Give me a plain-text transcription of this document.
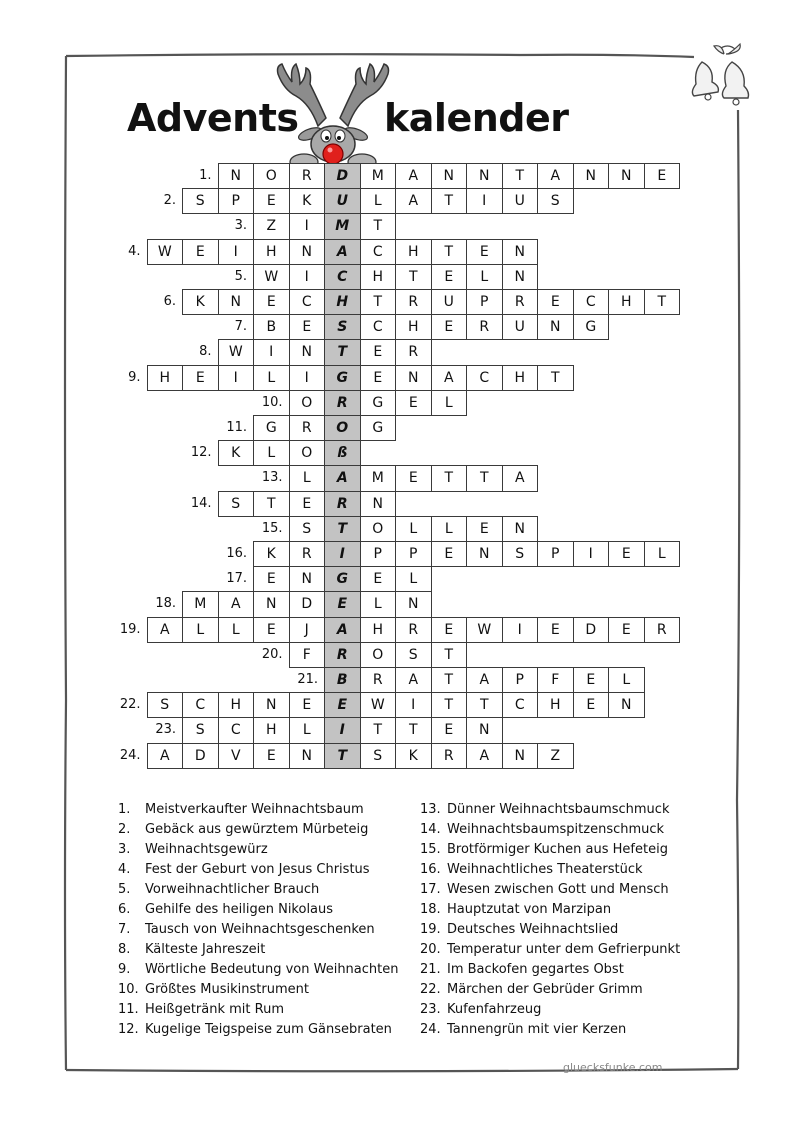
Advents kalender
1.	N	O	R	D	M	A	N	N	T	A	N	N	E
2.	S	P	E	K	U	L	A	T	I	U	S
3.	Z	I	M	T
4.	W	E	I	H	N	A	C	H	T	E	N
5.	W	I	C	H	T	E	L	N
6.	K	N	E	C	H	T	R	U	P	R	E	C	H	T
7.	B	E	S	C	H	E	R	U	N	G
8.	W	I	N	T	E	R
9.	H	E	I	L	I	G	E	N	A	C	H	T
10.	O	R	G	E	L
11.	G	R	O	G
12.	K	L	O	ß
13.	L	A	M	E	T	T	A
14.	S	T	E	R	N
15.	S	T	O	L	L	E	N
16.	K	R	I	P	P	E	N	S	P	I	E	L
17.	E	N	G	E	L
18.	M	A	N	D	E	L	N
19.	A	L	L	E	J	A	H	R	E	W	I	E	D	E	R
20.	F	R	O	S	T
21.	B	R	A	T	A	P	F	E	L
22.	S	C	H	N	E	E	W	I	T	T	C	H	E	N
23.	S	C	H	L	I	T	T	E	N
24.	A	D	V	E	N	T	S	K	R	A	N	Z
1. Meistverkaufter Weihnachtsbaum
2. Gebäck aus gewürztem Mürbeteig
3. Weihnachtsgewürz
4. Fest der Geburt von Jesus Christus
5. Vorweihnachtlicher Brauch
6. Gehilfe des heiligen Nikolaus
7. Tausch von Weihnachtsgeschenken
8. Kälteste Jahreszeit
9. Wörtliche Bedeutung von Weihnachten
10. Größtes Musikinstrument
11. Heißgetränk mit Rum
12. Kugelige Teigspeise zum Gänsebraten
13. Dünner Weihnachtsbaumschmuck
14. Weihnachtsbaumspitzenschmuck
15. Brotförmiger Kuchen aus Hefeteig
16. Weihnachtliches Theaterstück
17. Wesen zwischen Gott und Mensch
18. Hauptzutat von Marzipan
19. Deutsches Weihnachtslied
20. Temperatur unter dem Gefrierpunkt
21. Im Backofen gegartes Obst
22. Märchen der Gebrüder Grimm
23. Kufenfahrzeug
24. Tannengrün mit vier Kerzen
gluecksfunke.com
